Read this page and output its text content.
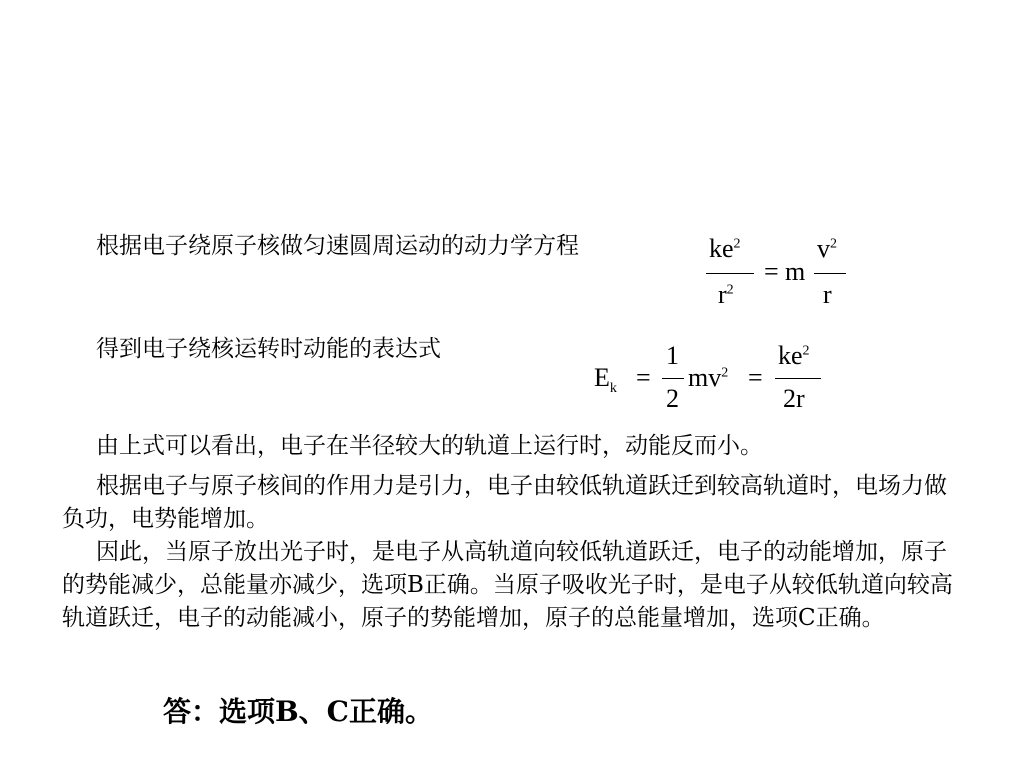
根据电子绕原子核做匀速圆周运动的动力学方程	$ke^2$
$r^2$
= m
$v^2$
r
得到电子绕核运转时动能的表达式
$E_k$ =
1
2
$mv^2$ =
$ke^2$
2r
由上式可以看出，电子在半径较大的轨道上运行时，动能反而小。
根据电子与原子核间的作用力是引力，电子由较低轨道跃迁到较高轨道时，电场力做负功，电势能增加。
因此，当原子放出光子时，是电子从高轨道向较低轨道跃迁，电子的动能增加，原子的势能减少，总能量亦减少，选项B正确。当原子吸收光子时，是电子从较低轨道向较高轨道跃迁，电子的动能减小，原子的势能增加，原子的总能量增加，选项C正确。
答：选项B、C正确。
